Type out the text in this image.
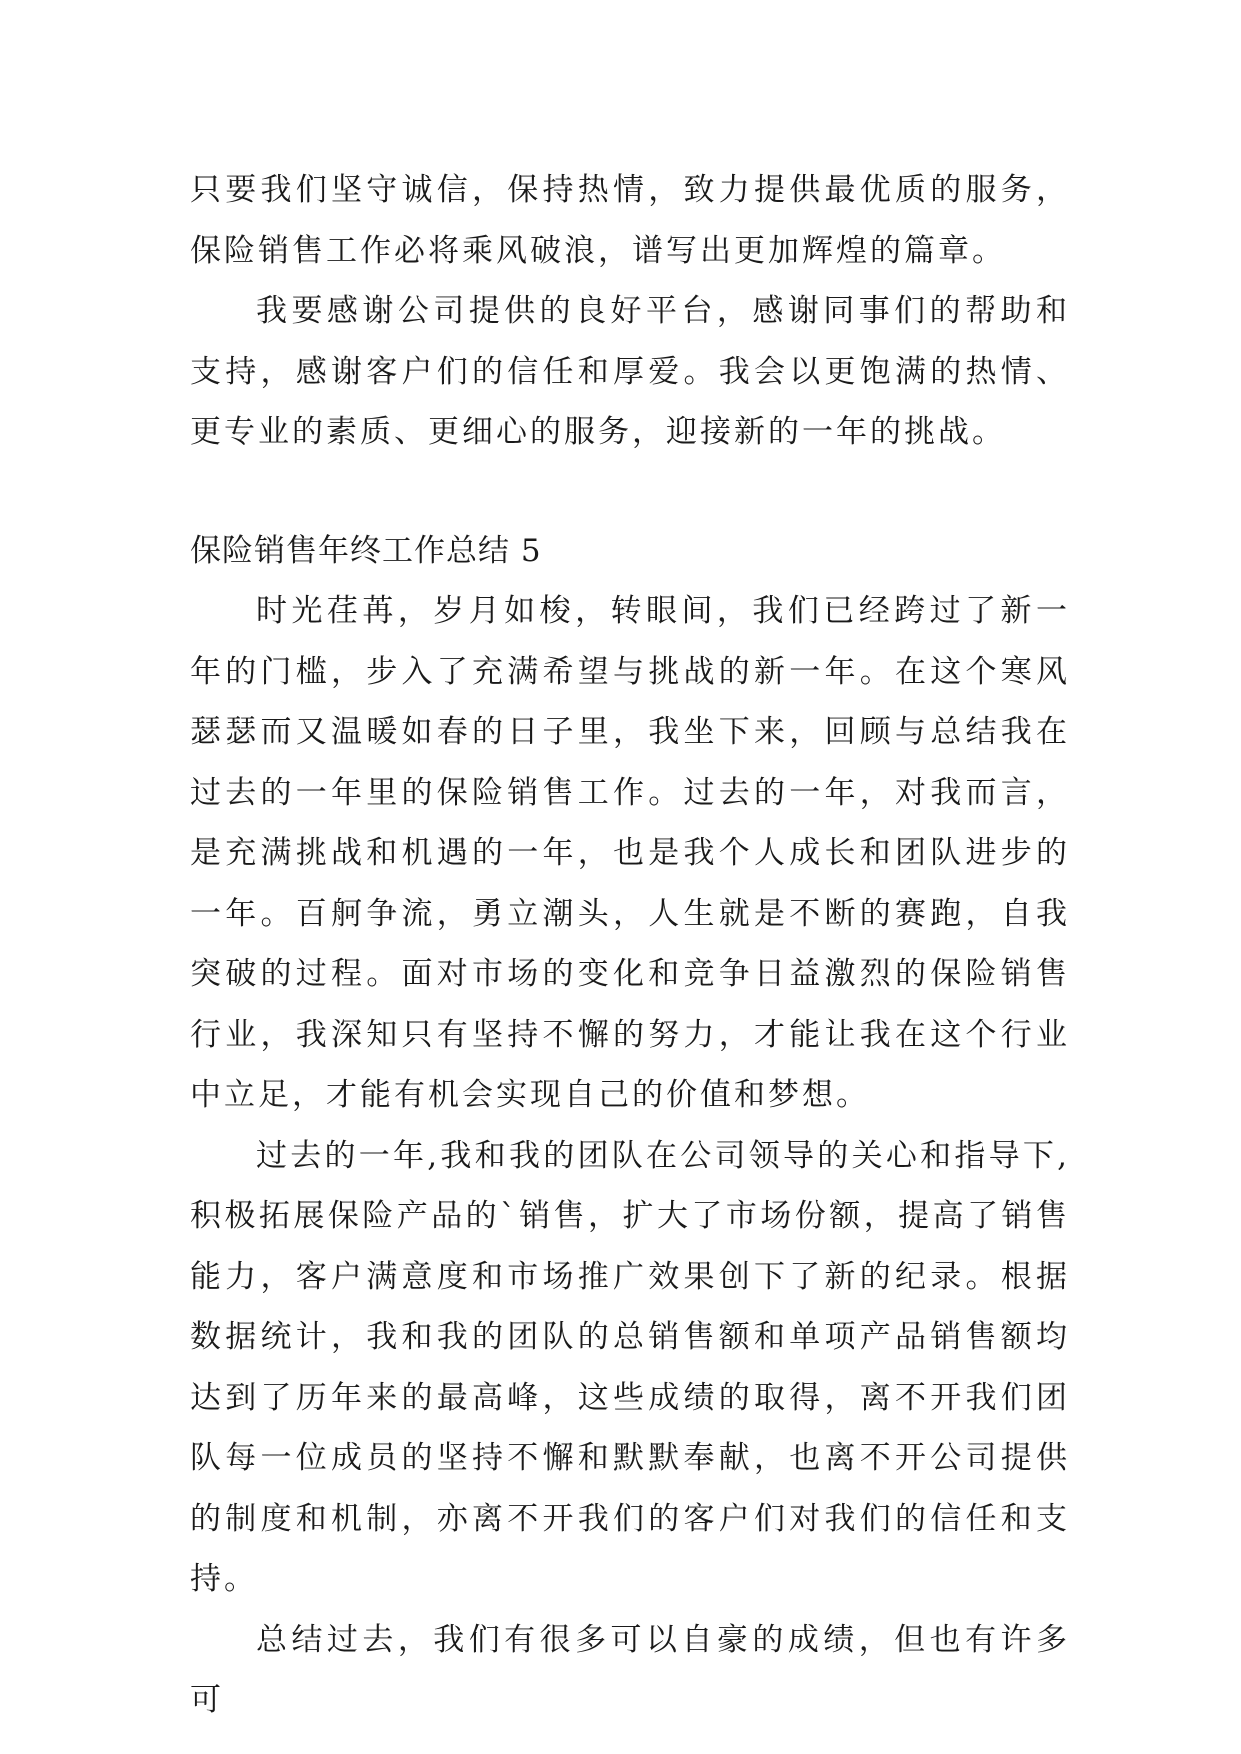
只要我们坚守诚信，保持热情，致力提供最优质的服务，保险销售工作必将乘风破浪，谱写出更加辉煌的篇章。

我要感谢公司提供的良好平台，感谢同事们的帮助和支持，感谢客户们的信任和厚爱。我会以更饱满的热情、更专业的素质、更细心的服务，迎接新的一年的挑战。

保险销售年终工作总结 5

时光荏苒，岁月如梭，转眼间，我们已经跨过了新一年的门槛，步入了充满希望与挑战的新一年。在这个寒风瑟瑟而又温暖如春的日子里，我坐下来，回顾与总结我在过去的一年里的保险销售工作。过去的一年，对我而言，是充满挑战和机遇的一年，也是我个人成长和团队进步的一年。百舸争流，勇立潮头，人生就是不断的赛跑，自我突破的过程。面对市场的变化和竞争日益激烈的保险销售行业，我深知只有坚持不懈的努力，才能让我在这个行业中立足，才能有机会实现自己的价值和梦想。

过去的一年,我和我的团队在公司领导的关心和指导下,积极拓展保险产品的`销售，扩大了市场份额，提高了销售能力，客户满意度和市场推广效果创下了新的纪录。根据数据统计，我和我的团队的总销售额和单项产品销售额均达到了历年来的最高峰，这些成绩的取得，离不开我们团队每一位成员的坚持不懈和默默奉献，也离不开公司提供的制度和机制，亦离不开我们的客户们对我们的信任和支持。

总结过去，我们有很多可以自豪的成绩，但也有许多可
